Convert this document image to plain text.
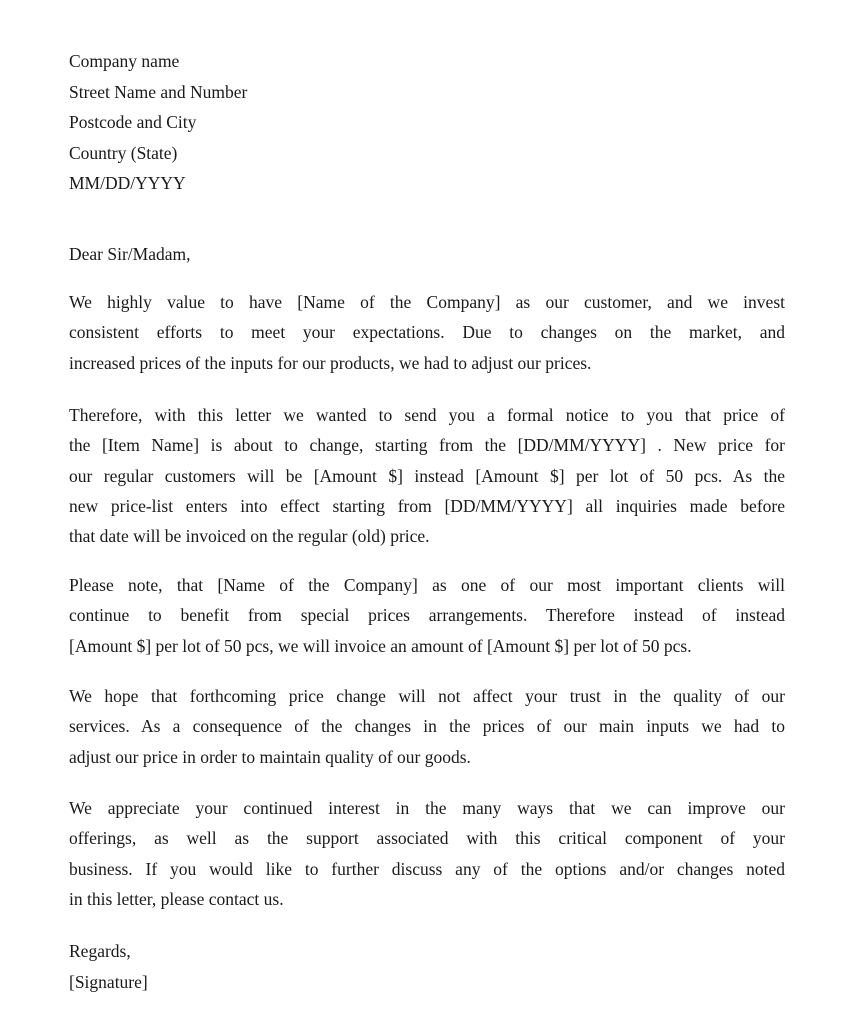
Company name
Street Name and Number
Postcode and City
Country (State)
MM/DD/YYYY
Dear Sir/Madam,
We highly value to have [Name of the Company] as our customer, and we invest
consistent efforts to meet your expectations. Due to changes on the market, and
increased prices of the inputs for our products, we had to adjust our prices.
Therefore, with this letter we wanted to send you a formal notice to you that price of
the [Item Name] is about to change, starting from the [DD/MM/YYYY] . New price for
our regular customers will be [Amount $] instead [Amount $] per lot of 50 pcs. As the
new price-list enters into effect starting from [DD/MM/YYYY] all inquiries made before
that date will be invoiced on the regular (old) price.
Please note, that [Name of the Company] as one of our most important clients will
continue to benefit from special prices arrangements. Therefore instead of instead
[Amount $] per lot of 50 pcs, we will invoice an amount of [Amount $] per lot of 50 pcs.
We hope that forthcoming price change will not affect your trust in the quality of our
services. As a consequence of the changes in the prices of our main inputs we had to
adjust our price in order to maintain quality of our goods.
We appreciate your continued interest in the many ways that we can improve our
offerings, as well as the support associated with this critical component of your
business. If you would like to further discuss any of the options and/or changes noted
in this letter, please contact us.
Regards,
[Signature]
